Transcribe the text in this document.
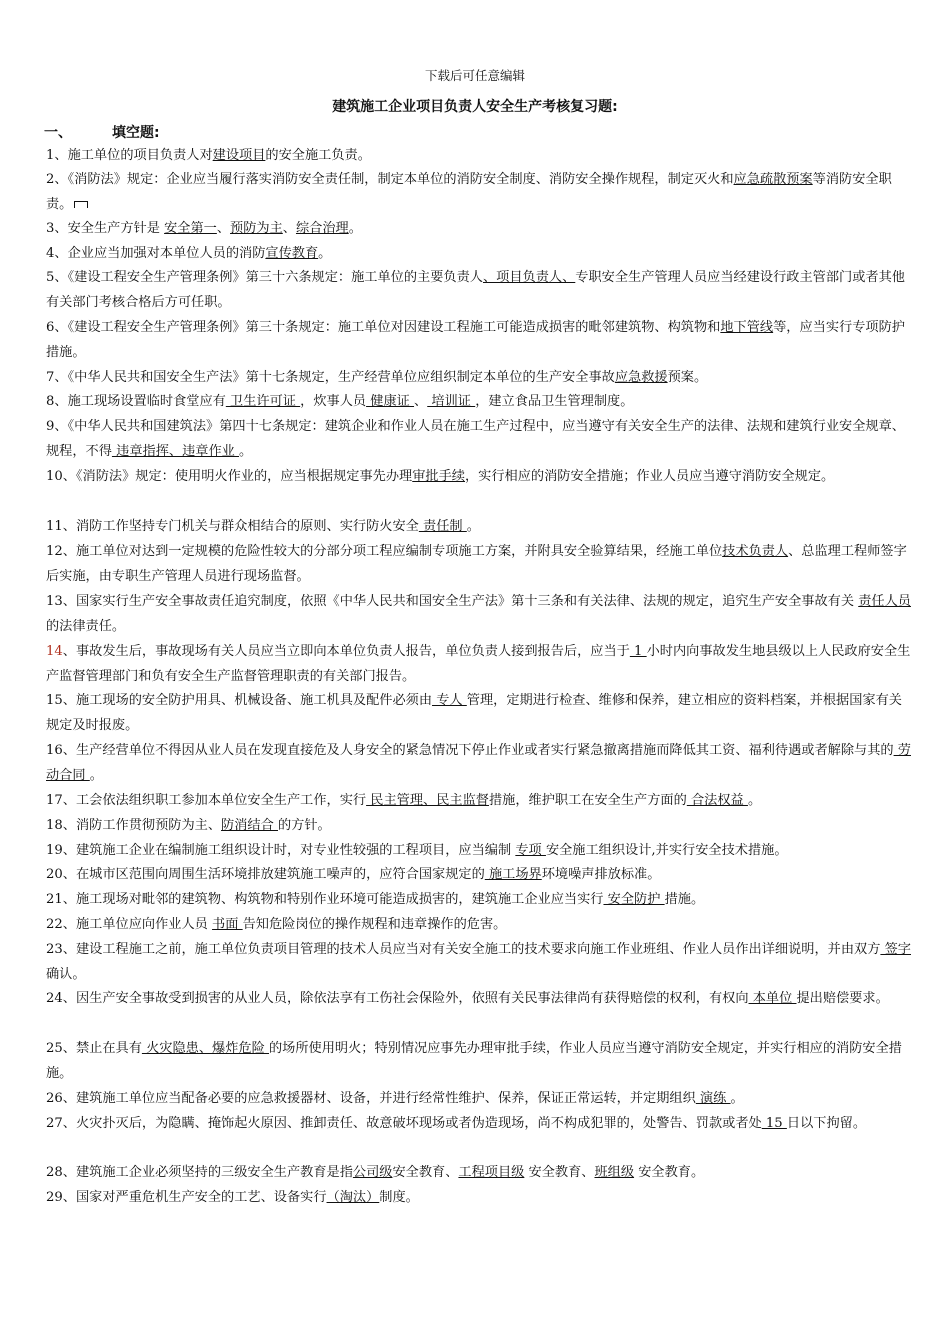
下载后可任意编辑
建筑施工企业项目负责人安全生产考核复习题:
一、	填空题:
1、施工单位的项目负责人对建设项目的安全施工负责。
2、《消防法》规定：企业应当履行落实消防安全责任制，制定本单位的消防安全制度、消防安全操作规程，制定灭火和应急疏散预案等消防安全职责。
3、安全生产方针是 安全第一、预防为主、综合治理。
4、企业应当加强对本单位人员的消防宣传教育。
5、《建设工程安全生产管理条例》第三十六条规定：施工单位的主要负责人、项目负责人、专职安全生产管理人员应当经建设行政主管部门或者其他有关部门考核合格后方可任职。
6、《建设工程安全生产管理条例》第三十条规定：施工单位对因建设工程施工可能造成损害的毗邻建筑物、构筑物和地下管线等，应当实行专项防护措施。
7、《中华人民共和国安全生产法》第十七条规定，生产经营单位应组织制定本单位的生产安全事故应急救援预案。
8、施工现场设置临时食堂应有 卫生许可证 ，炊事人员 健康证 、 培训证 ，建立食品卫生管理制度。
9、《中华人民共和国建筑法》第四十七条规定：建筑企业和作业人员在施工生产过程中，应当遵守有关安全生产的法律、法规和建筑行业安全规章、规程，不得 违章指挥、违章作业 。
10、《消防法》规定：使用明火作业的，应当根据规定事先办理审批手续，实行相应的消防安全措施；作业人员应当遵守消防安全规定。
11、消防工作坚持专门机关与群众相结合的原则、实行防火安全 责任制 。
12、施工单位对达到一定规模的危险性较大的分部分项工程应编制专项施工方案，并附具安全验算结果，经施工单位技术负责人、总监理工程师签字后实施，由专职生产管理人员进行现场监督。
13、国家实行生产安全事故责任追究制度，依照《中华人民共和国安全生产法》第十三条和有关法律、法规的规定，追究生产安全事故有关 责任人员 的法律责任。
14、事故发生后，事故现场有关人员应当立即向本单位负责人报告，单位负责人接到报告后，应当于 1 小时内向事故发生地县级以上人民政府安全生产监督管理部门和负有安全生产监督管理职责的有关部门报告。
15、施工现场的安全防护用具、机械设备、施工机具及配件必须由 专人 管理，定期进行检查、维修和保养，建立相应的资料档案，并根据国家有关规定及时报废。
16、生产经营单位不得因从业人员在发现直接危及人身安全的紧急情况下停止作业或者实行紧急撤离措施而降低其工资、福利待遇或者解除与其的 劳动合同 。
17、工会依法组织职工参加本单位安全生产工作，实行 民主管理、民主监督措施，维护职工在安全生产方面的 合法权益 。
18、消防工作贯彻预防为主、防消结合 的方针。
19、建筑施工企业在编制施工组织设计时，对专业性较强的工程项目，应当编制 专项 安全施工组织设计,并实行安全技术措施。
20、在城市区范围向周围生活环境排放建筑施工噪声的，应符合国家规定的 施工场界环境噪声排放标准。
21、施工现场对毗邻的建筑物、构筑物和特别作业环境可能造成损害的，建筑施工企业应当实行 安全防护 措施。
22、施工单位应向作业人员 书面 告知危险岗位的操作规程和违章操作的危害。
23、建设工程施工之前，施工单位负责项目管理的技术人员应当对有关安全施工的技术要求向施工作业班组、作业人员作出详细说明，并由双方 签字 确认。
24、因生产安全事故受到损害的从业人员，除依法享有工伤社会保险外，依照有关民事法律尚有获得赔偿的权利，有权向 本单位 提出赔偿要求。
25、禁止在具有 火灾隐患、爆炸危险 的场所使用明火；特别情况应事先办理审批手续，作业人员应当遵守消防安全规定，并实行相应的消防安全措施。
26、建筑施工单位应当配备必要的应急救援器材、设备，并进行经常性维护、保养，保证正常运转，并定期组织 演练 。
27、火灾扑灭后，为隐瞒、掩饰起火原因、推卸责任、故意破坏现场或者伪造现场，尚不构成犯罪的，处警告、罚款或者处 15 日以下拘留。
28、建筑施工企业必须坚持的三级安全生产教育是指公司级安全教育、工程项目级 安全教育、班组级 安全教育。
29、国家对严重危机生产安全的工艺、设备实行（淘汰）制度。
